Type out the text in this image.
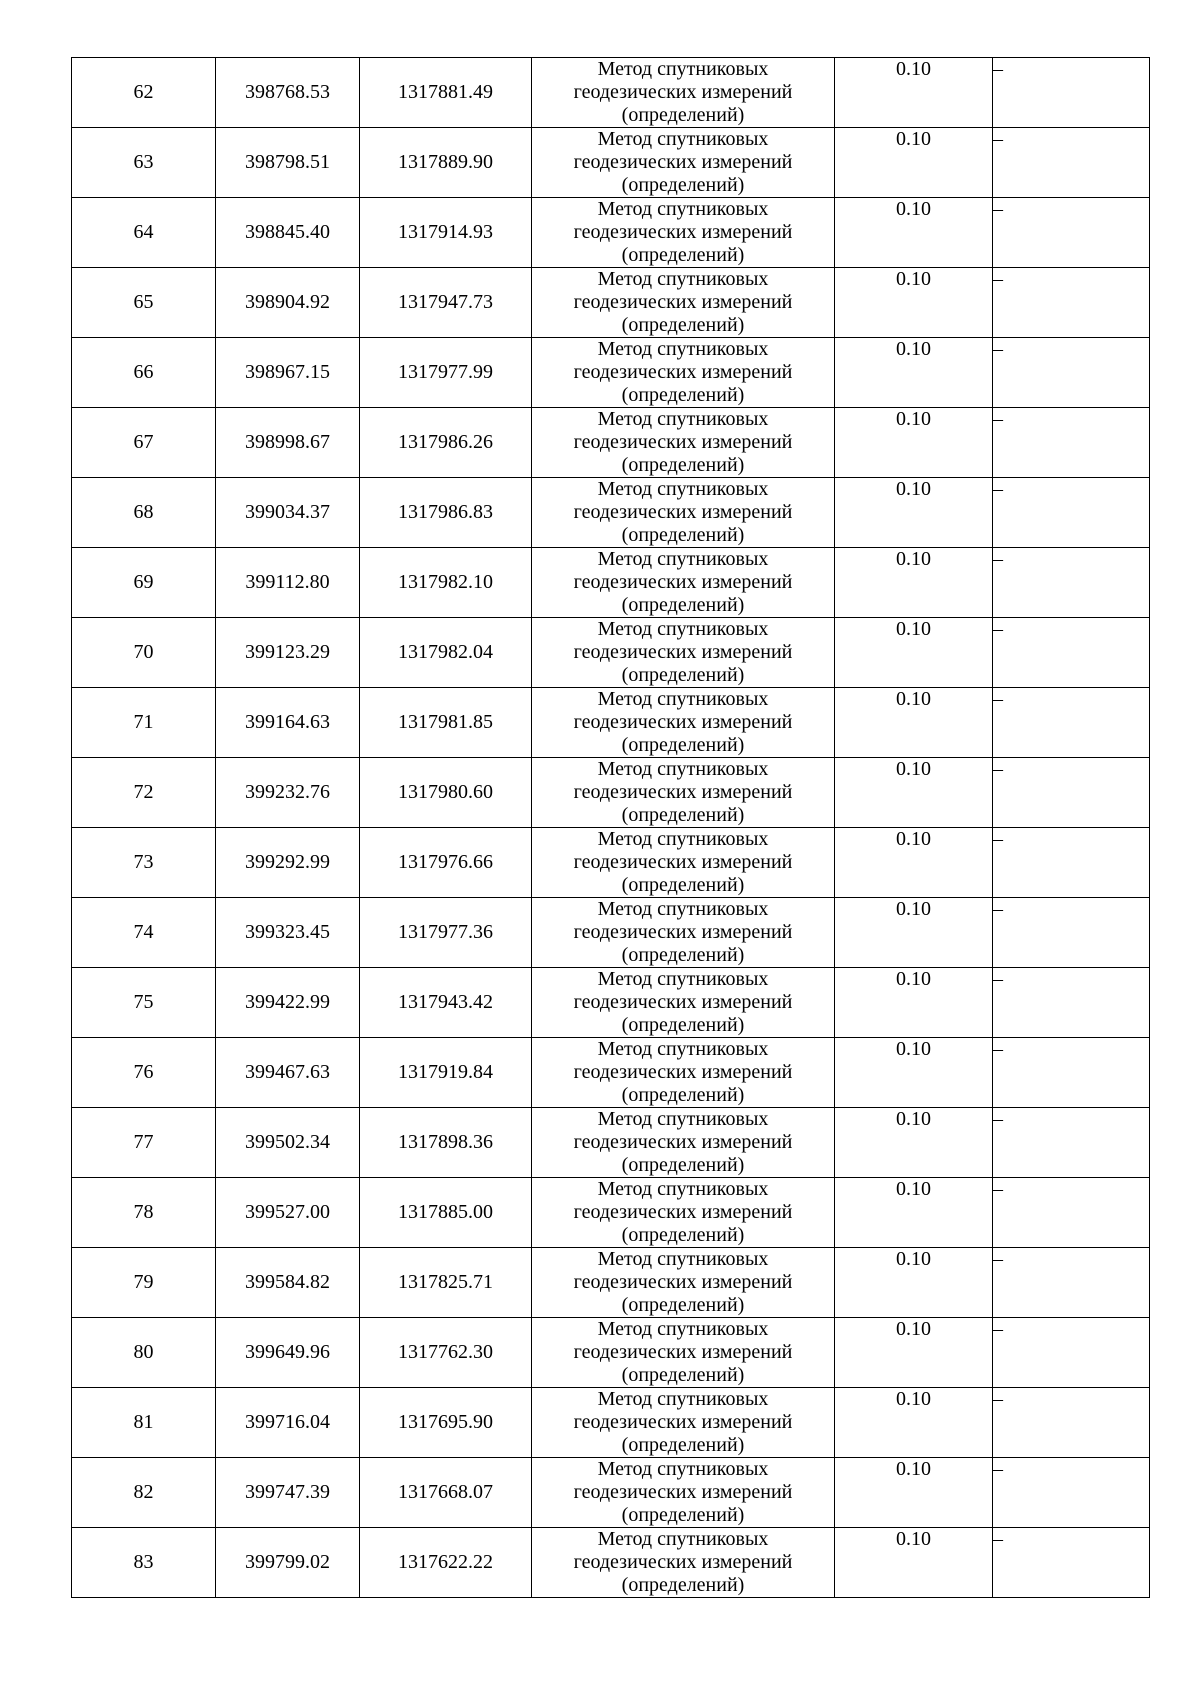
62	398768.53	1317881.49	Метод спутниковых
геодезических измерений
(определений)	0.10	–
63	398798.51	1317889.90	Метод спутниковых
геодезических измерений
(определений)	0.10	–
64	398845.40	1317914.93	Метод спутниковых
геодезических измерений
(определений)	0.10	–
65	398904.92	1317947.73	Метод спутниковых
геодезических измерений
(определений)	0.10	–
66	398967.15	1317977.99	Метод спутниковых
геодезических измерений
(определений)	0.10	–
67	398998.67	1317986.26	Метод спутниковых
геодезических измерений
(определений)	0.10	–
68	399034.37	1317986.83	Метод спутниковых
геодезических измерений
(определений)	0.10	–
69	399112.80	1317982.10	Метод спутниковых
геодезических измерений
(определений)	0.10	–
70	399123.29	1317982.04	Метод спутниковых
геодезических измерений
(определений)	0.10	–
71	399164.63	1317981.85	Метод спутниковых
геодезических измерений
(определений)	0.10	–
72	399232.76	1317980.60	Метод спутниковых
геодезических измерений
(определений)	0.10	–
73	399292.99	1317976.66	Метод спутниковых
геодезических измерений
(определений)	0.10	–
74	399323.45	1317977.36	Метод спутниковых
геодезических измерений
(определений)	0.10	–
75	399422.99	1317943.42	Метод спутниковых
геодезических измерений
(определений)	0.10	–
76	399467.63	1317919.84	Метод спутниковых
геодезических измерений
(определений)	0.10	–
77	399502.34	1317898.36	Метод спутниковых
геодезических измерений
(определений)	0.10	–
78	399527.00	1317885.00	Метод спутниковых
геодезических измерений
(определений)	0.10	–
79	399584.82	1317825.71	Метод спутниковых
геодезических измерений
(определений)	0.10	–
80	399649.96	1317762.30	Метод спутниковых
геодезических измерений
(определений)	0.10	–
81	399716.04	1317695.90	Метод спутниковых
геодезических измерений
(определений)	0.10	–
82	399747.39	1317668.07	Метод спутниковых
геодезических измерений
(определений)	0.10	–
83	399799.02	1317622.22	Метод спутниковых
геодезических измерений
(определений)	0.10	–
